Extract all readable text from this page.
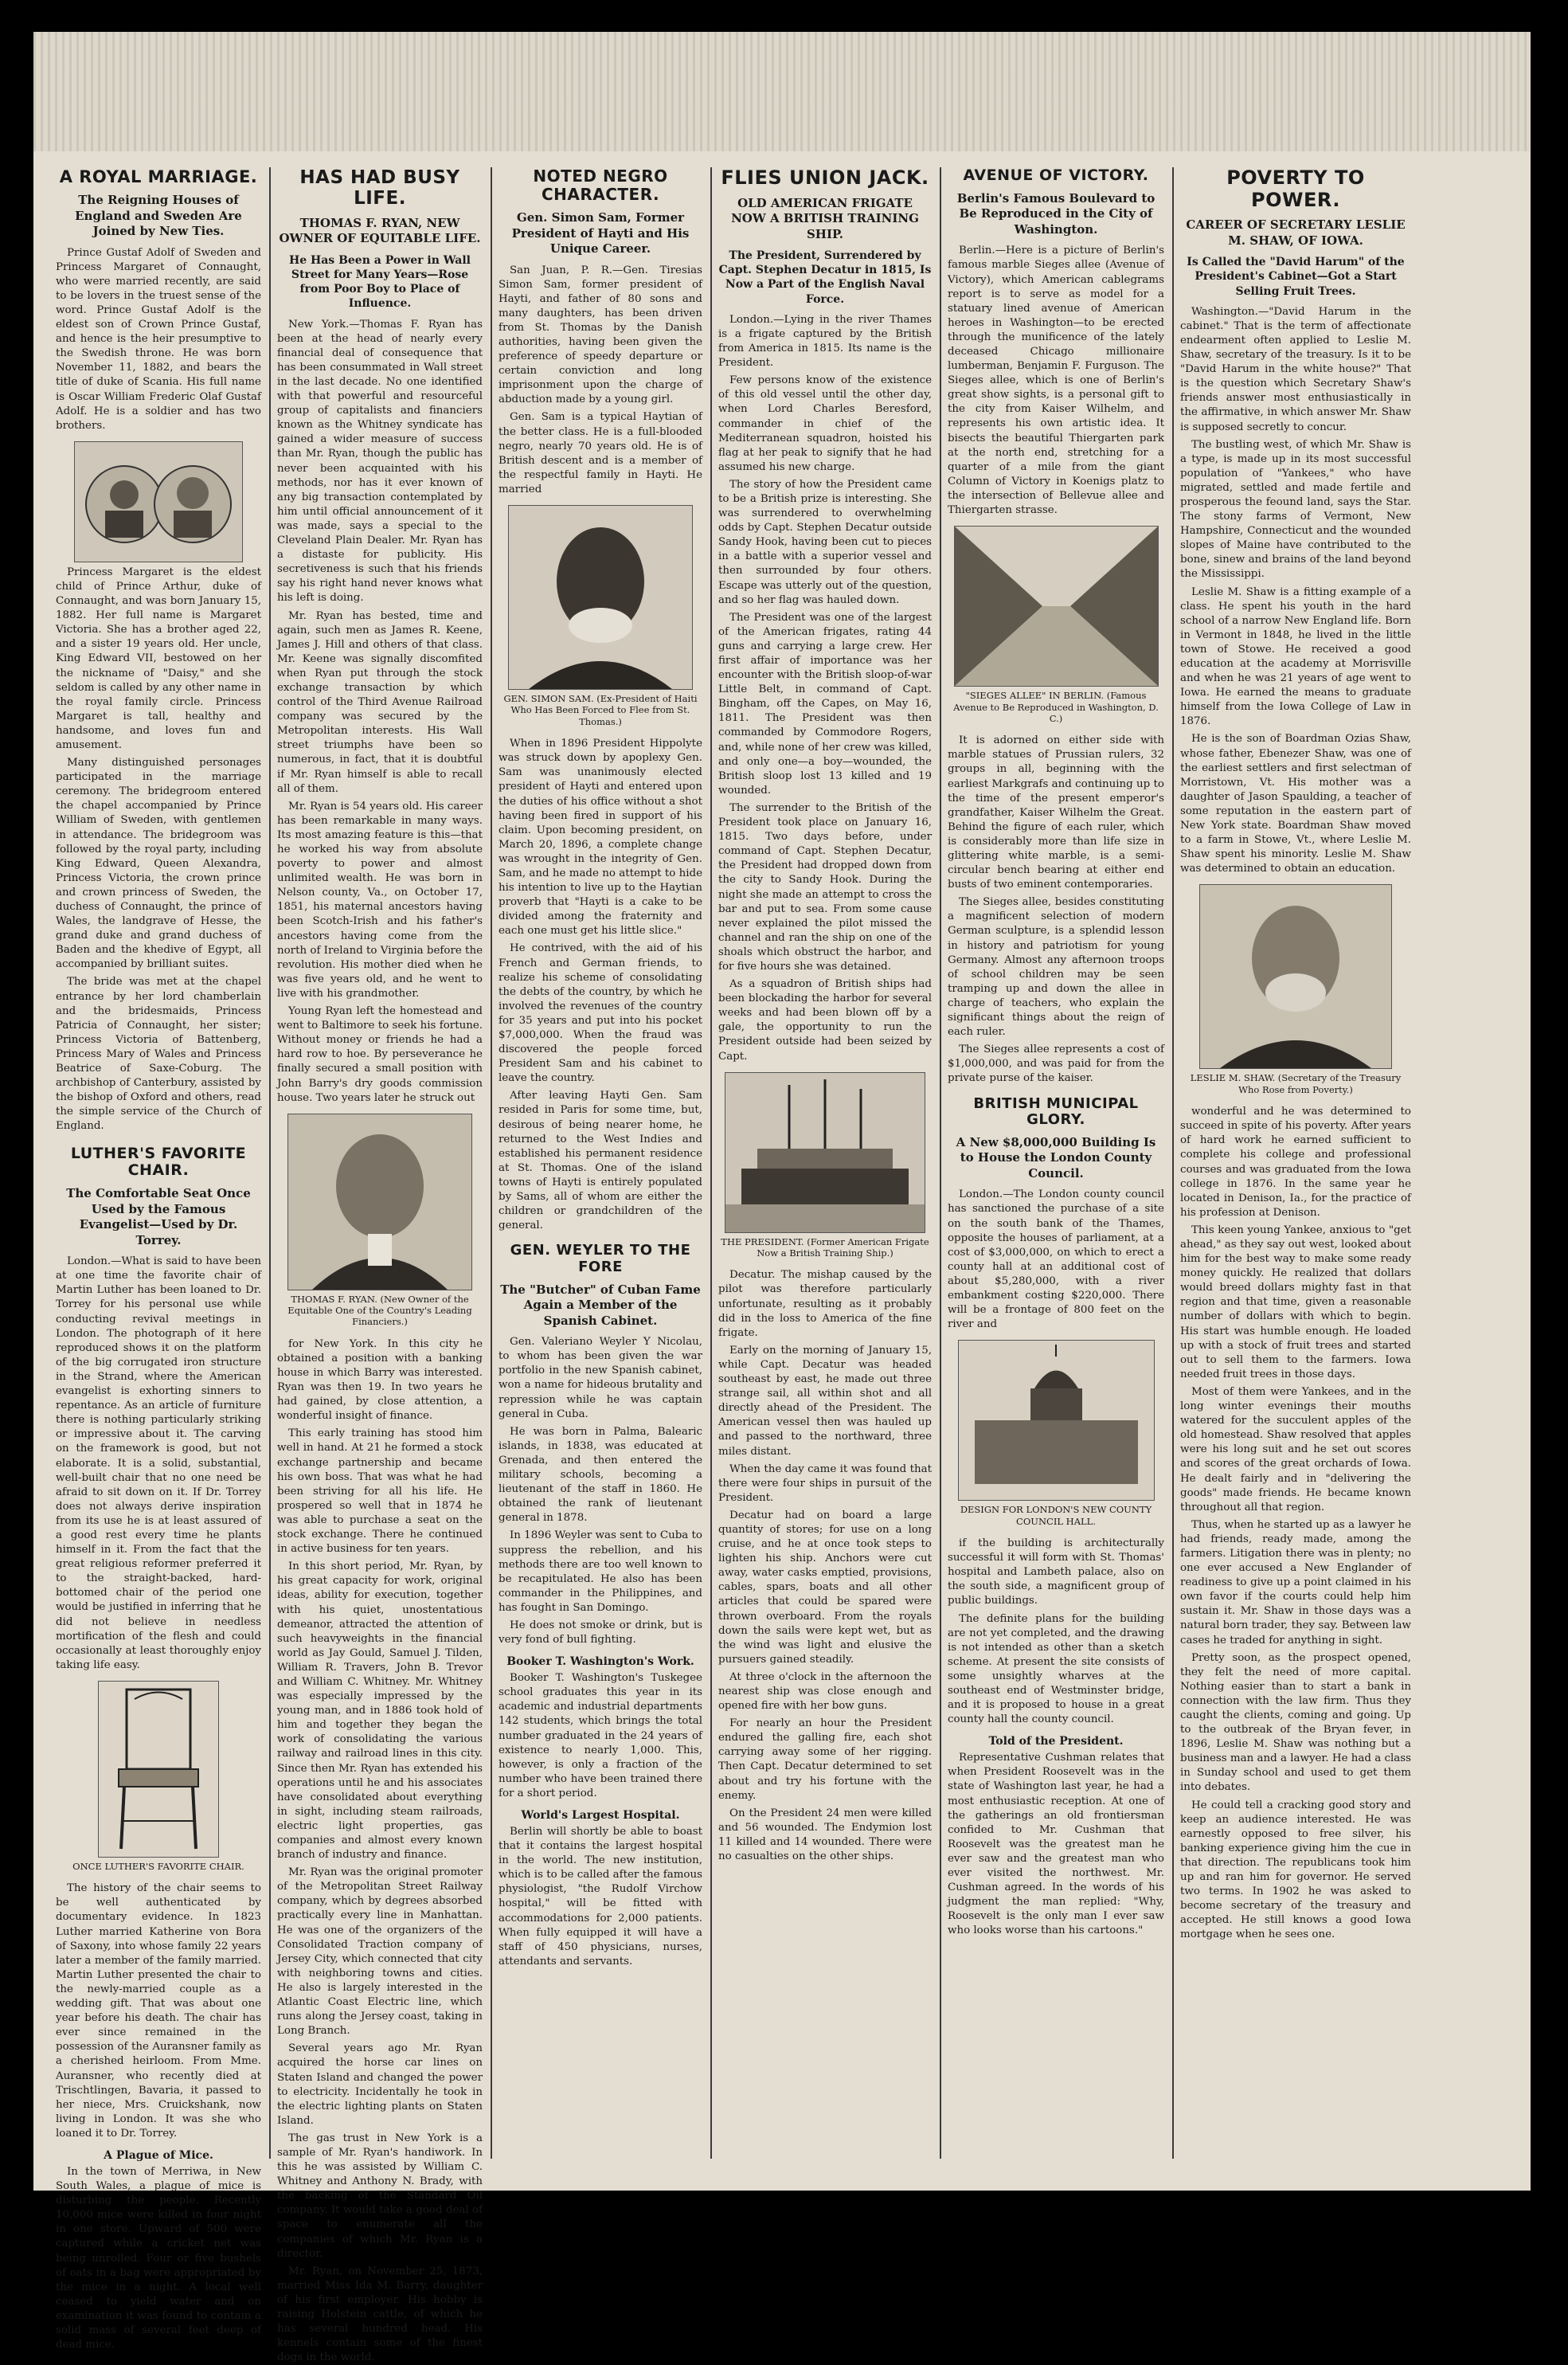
A ROYAL MARRIAGE.
The Reigning Houses of England and Sweden Are Joined by New Ties.

Prince Gustaf Adolf of Sweden and Princess Margaret of Connaught, who were married recently, are said to be lovers in the truest sense of the word. Prince Gustaf Adolf is the eldest son of Crown Prince Gustaf, and hence is the heir presumptive to the Swedish throne. He was born November 11, 1882, and bears the title of duke of Scania. His full name is Oscar William Frederic Olaf Gustaf Adolf. He is a soldier and has two brothers.

Princess Margaret is the eldest child of Prince Arthur, duke of Connaught, and was born January 15, 1882. Her full name is Margaret Victoria. She has a brother aged 22, and a sister 19 years old. Her uncle, King Edward VII, bestowed on her the nickname of "Daisy," and she seldom is called by any other name in the royal family circle. Princess Margaret is tall, healthy and handsome, and loves fun and amusement.

Many distinguished personages participated in the marriage ceremony. The bridegroom entered the chapel accompanied by Prince William of Sweden, with gentlemen in attendance. The bridegroom was followed by the royal party, including King Edward, Queen Alexandra, Princess Victoria, the crown prince and crown princess of Sweden, the duchess of Connaught, the prince of Wales, the landgrave of Hesse, the grand duke and grand duchess of Baden and the khedive of Egypt, all accompanied by brilliant suites.

The bride was met at the chapel entrance by her lord chamberlain and the bridesmaids, Princess Patricia of Connaught, her sister; Princess Victoria of Battenberg, Princess Mary of Wales and Princess Beatrice of Saxe-Coburg. The archbishop of Canterbury, assisted by the bishop of Oxford and others, read the simple service of the Church of England.

LUTHER'S FAVORITE CHAIR.
The Comfortable Seat Once Used by the Famous Evangelist—Used by Dr. Torrey.

London.—What is said to have been at one time the favorite chair of Martin Luther has been loaned to Dr. Torrey for his personal use while conducting revival meetings in London. The photograph of it here reproduced shows it on the platform of the big corrugated iron structure in the Strand, where the American evangelist is exhorting sinners to repentance. As an article of furniture there is nothing particularly striking or impressive about it. The carving on the framework is good, but not elaborate. It is a solid, substantial, well-built chair that no one need be afraid to sit down on it. If Dr. Torrey does not always derive inspiration from its use he is at least assured of a good rest every time he plants himself in it. From the fact that the great religious reformer preferred it to the straight-backed, hard-bottomed chair of the period one would be justified in inferring that he did not believe in needless mortification of the flesh and could occasionally at least thoroughly enjoy taking life easy.

ONCE LUTHER'S FAVORITE CHAIR.

The history of the chair seems to be well authenticated by documentary evidence. In 1823 Luther married Katherine von Bora of Saxony, into whose family 22 years later a member of the family married. Martin Luther presented the chair to the newly-married couple as a wedding gift. That was about one year before his death. The chair has ever since remained in the possession of the Auransner family as a cherished heirloom. From Mme. Auransner, who recently died at Trischtlingen, Bavaria, it passed to her niece, Mrs. Cruickshank, now living in London. It was she who loaned it to Dr. Torrey.

A Plague of Mice.

In the town of Merriwa, in New South Wales, a plague of mice is disturbing the people. Recently 10,000 mice were killed in four night in one store. Upward of 500 were captured while a cricket net was being unrolled. Four or five bushels of oats in a bag were appropriated by the mice in a night. A local well ceased to yield water and on examination it was found to contain a solid mass of several feet deep of dead mice.

HAS HAD BUSY LIFE.
THOMAS F. RYAN, NEW OWNER OF EQUITABLE LIFE.
He Has Been a Power in Wall Street for Many Years—Rose from Poor Boy to Place of Influence.

New York.—Thomas F. Ryan has been at the head of nearly every financial deal of consequence that has been consummated in Wall street in the last decade. No one identified with that powerful and resourceful group of capitalists and financiers known as the Whitney syndicate has gained a wider measure of success than Mr. Ryan, though the public has never been acquainted with his methods, nor has it ever known of any big transaction contemplated by him until official announcement of it was made, says a special to the Cleveland Plain Dealer. Mr. Ryan has a distaste for publicity. His secretiveness is such that his friends say his right hand never knows what his left is doing.

Mr. Ryan has bested, time and again, such men as James R. Keene, James J. Hill and others of that class. Mr. Keene was signally discomfited when Ryan put through the stock exchange transaction by which control of the Third Avenue Railroad company was secured by the Metropolitan interests. His Wall street triumphs have been so numerous, in fact, that it is doubtful if Mr. Ryan himself is able to recall all of them.

Mr. Ryan is 54 years old. His career has been remarkable in many ways. Its most amazing feature is this—that he worked his way from absolute poverty to power and almost unlimited wealth. He was born in Nelson county, Va., on October 17, 1851, his maternal ancestors having been Scotch-Irish and his father's ancestors having come from the north of Ireland to Virginia before the revolution. His mother died when he was five years old, and he went to live with his grandmother.

Young Ryan left the homestead and went to Baltimore to seek his fortune. Without money or friends he had a hard row to hoe. By perseverance he finally secured a small position with John Barry's dry goods commission house. Two years later he struck out

THOMAS F. RYAN. (New Owner of the Equitable One of the Country's Leading Financiers.)

for New York. In this city he obtained a position with a banking house in which Barry was interested. Ryan was then 19. In two years he had gained, by close attention, a wonderful insight of finance.

This early training has stood him well in hand. At 21 he formed a stock exchange partnership and became his own boss. That was what he had been striving for all his life. He prospered so well that in 1874 he was able to purchase a seat on the stock exchange. There he continued in active business for ten years.

In this short period, Mr. Ryan, by his great capacity for work, original ideas, ability for execution, together with his quiet, unostentatious demeanor, attracted the attention of such heavyweights in the financial world as Jay Gould, Samuel J. Tilden, William R. Travers, John B. Trevor and William C. Whitney. Mr. Whitney was especially impressed by the young man, and in 1886 took hold of him and together they began the work of consolidating the various railway and railroad lines in this city. Since then Mr. Ryan has extended his operations until he and his associates have consolidated about everything in sight, including steam railroads, electric light properties, gas companies and almost every known branch of industry and finance.

Mr. Ryan was the original promoter of the Metropolitan Street Railway company, which by degrees absorbed practically every line in Manhattan. He was one of the organizers of the Consolidated Traction company of Jersey City, which connected that city with neighboring towns and cities. He also is largely interested in the Atlantic Coast Electric line, which runs along the Jersey coast, taking in Long Branch.

Several years ago Mr. Ryan acquired the horse car lines on Staten Island and changed the power to electricity. Incidentally he took in the electric lighting plants on Staten Island.

The gas trust in New York is a sample of Mr. Ryan's handiwork. In this he was assisted by William C. Whitney and Anthony N. Brady, with the backing of the Standard Oil company. It would take a good deal of space to enumerate all the companies of which Mr. Ryan is a director.

Mr. Ryan, on November 25, 1873, married Miss Ida M. Barry, daughter of his first employer. His hobby is raising Holstein cattle, of which he has several hundred head. His kennels contain some of the finest dogs in the world.

NOTED NEGRO CHARACTER.
Gen. Simon Sam, Former President of Hayti and His Unique Career.

San Juan, P. R.—Gen. Tiresias Simon Sam, former president of Hayti, and father of 80 sons and many daughters, has been driven from St. Thomas by the Danish authorities, having been given the preference of speedy departure or certain conviction and long imprisonment upon the charge of abduction made by a young girl.

Gen. Sam is a typical Haytian of the better class. He is a full-blooded negro, nearly 70 years old. He is of British descent and is a member of the respectful family in Hayti. He married

GEN. SIMON SAM. (Ex-President of Haiti Who Has Been Forced to Flee from St. Thomas.)

When in 1896 President Hippolyte was struck down by apoplexy Gen. Sam was unanimously elected president of Hayti and entered upon the duties of his office without a shot having been fired in support of his claim. Upon becoming president, on March 20, 1896, a complete change was wrought in the integrity of Gen. Sam, and he made no attempt to hide his intention to live up to the Haytian proverb that "Hayti is a cake to be divided among the fraternity and each one must get his little slice."

He contrived, with the aid of his French and German friends, to realize his scheme of consolidating the debts of the country, by which he involved the revenues of the country for 35 years and put into his pocket $7,000,000. When the fraud was discovered the people forced President Sam and his cabinet to leave the country.

After leaving Hayti Gen. Sam resided in Paris for some time, but, desirous of being nearer home, he returned to the West Indies and established his permanent residence at St. Thomas. One of the island towns of Hayti is entirely populated by Sams, all of whom are either the children or grandchildren of the general.

GEN. WEYLER TO THE FORE
The "Butcher" of Cuban Fame Again a Member of the Spanish Cabinet.

Gen. Valeriano Weyler Y Nicolau, to whom has been given the war portfolio in the new Spanish cabinet, won a name for hideous brutality and repression while he was captain general in Cuba.

He was born in Palma, Balearic islands, in 1838, was educated at Grenada, and then entered the military schools, becoming a lieutenant of the staff in 1860. He obtained the rank of lieutenant general in 1878.

In 1896 Weyler was sent to Cuba to suppress the rebellion, and his methods there are too well known to be recapitulated. He also has been commander in the Philippines, and has fought in San Domingo.

He does not smoke or drink, but is very fond of bull fighting.

Booker T. Washington's Work.

Booker T. Washington's Tuskegee school graduates this year in its academic and industrial departments 142 students, which brings the total number graduated in the 24 years of existence to nearly 1,000. This, however, is only a fraction of the number who have been trained there for a short period.

World's Largest Hospital.

Berlin will shortly be able to boast that it contains the largest hospital in the world. The new institution, which is to be called after the famous physiologist, "the Rudolf Virchow hospital," will be fitted with accommodations for 2,000 patients. When fully equipped it will have a staff of 450 physicians, nurses, attendants and servants.

FLIES UNION JACK.
OLD AMERICAN FRIGATE NOW A BRITISH TRAINING SHIP.
The President, Surrendered by Capt. Stephen Decatur in 1815, Is Now a Part of the English Naval Force.

London.—Lying in the river Thames is a frigate captured by the British from America in 1815. Its name is the President.

Few persons know of the existence of this old vessel until the other day, when Lord Charles Beresford, commander in chief of the Mediterranean squadron, hoisted his flag at her peak to signify that he had assumed his new charge.

The story of how the President came to be a British prize is interesting. She was surrendered to overwhelming odds by Capt. Stephen Decatur outside Sandy Hook, having been cut to pieces in a battle with a superior vessel and then surrounded by four others. Escape was utterly out of the question, and so her flag was hauled down.

The President was one of the largest of the American frigates, rating 44 guns and carrying a large crew. Her first affair of importance was her encounter with the British sloop-of-war Little Belt, in command of Capt. Bingham, off the Capes, on May 16, 1811. The President was then commanded by Commodore Rogers, and, while none of her crew was killed, and only one—a boy—wounded, the British sloop lost 13 killed and 19 wounded.

The surrender to the British of the President took place on January 16, 1815. Two days before, under command of Capt. Stephen Decatur, the President had dropped down from the city to Sandy Hook. During the night she made an attempt to cross the bar and put to sea. From some cause never explained the pilot missed the channel and ran the ship on one of the shoals which obstruct the harbor, and for five hours she was detained.

As a squadron of British ships had been blockading the harbor for several weeks and had been blown off by a gale, the opportunity to run the President outside had been seized by Capt.

THE PRESIDENT. (Former American Frigate Now a British Training Ship.)

Decatur. The mishap caused by the pilot was therefore particularly unfortunate, resulting as it probably did in the loss to America of the fine frigate.

Early on the morning of January 15, while Capt. Decatur was headed southeast by east, he made out three strange sail, all within shot and all directly ahead of the President. The American vessel then was hauled up and passed to the northward, three miles distant.

When the day came it was found that there were four ships in pursuit of the President.

Decatur had on board a large quantity of stores; for use on a long cruise, and he at once took steps to lighten his ship. Anchors were cut away, water casks emptied, provisions, cables, spars, boats and all other articles that could be spared were thrown overboard. From the royals down the sails were kept wet, but as the wind was light and elusive the pursuers gained steadily.

At three o'clock in the afternoon the nearest ship was close enough and opened fire with her bow guns.

For nearly an hour the President endured the galling fire, each shot carrying away some of her rigging. Then Capt. Decatur determined to set about and try his fortune with the enemy.

On the President 24 men were killed and 56 wounded. The Endymion lost 11 killed and 14 wounded. There were no casualties on the other ships.

AVENUE OF VICTORY.
Berlin's Famous Boulevard to Be Reproduced in the City of Washington.

Berlin.—Here is a picture of Berlin's famous marble Sieges allee (Avenue of Victory), which American cablegrams report is to serve as model for a statuary lined avenue of American heroes in Washington—to be erected through the munificence of the lately deceased Chicago millionaire lumberman, Benjamin F. Furguson. The Sieges allee, which is one of Berlin's great show sights, is a personal gift to the city from Kaiser Wilhelm, and represents his own artistic idea. It bisects the beautiful Thiergarten park at the north end, stretching for a quarter of a mile from the giant Column of Victory in Koenigs platz to the intersection of Bellevue allee and Thiergarten strasse.

"SIEGES ALLEE" IN BERLIN. (Famous Avenue to Be Reproduced in Washington, D. C.)

It is adorned on either side with marble statues of Prussian rulers, 32 groups in all, beginning with the earliest Markgrafs and continuing up to the time of the present emperor's grandfather, Kaiser Wilhelm the Great. Behind the figure of each ruler, which is considerably more than life size in glittering white marble, is a semi-circular bench bearing at either end busts of two eminent contemporaries.

The Sieges allee, besides constituting a magnificent selection of modern German sculpture, is a splendid lesson in history and patriotism for young Germany. Almost any afternoon troops of school children may be seen tramping up and down the allee in charge of teachers, who explain the significant things about the reign of each ruler.

The Sieges allee represents a cost of $1,000,000, and was paid for from the private purse of the kaiser.

BRITISH MUNICIPAL GLORY.
A New $8,000,000 Building Is to House the London County Council.

London.—The London county council has sanctioned the purchase of a site on the south bank of the Thames, opposite the houses of parliament, at a cost of $3,000,000, on which to erect a county hall at an additional cost of about $5,280,000, with a river embankment costing $220,000. There will be a frontage of 800 feet on the river and

DESIGN FOR LONDON'S NEW COUNTY COUNCIL HALL.

if the building is architecturally successful it will form with St. Thomas' hospital and Lambeth palace, also on the south side, a magnificent group of public buildings.

The definite plans for the building are not yet completed, and the drawing is not intended as other than a sketch scheme. At present the site consists of some unsightly wharves at the southeast end of Westminster bridge, and it is proposed to house in a great county hall the county council.

Told of the President.

Representative Cushman relates that when President Roosevelt was in the state of Washington last year, he had a most enthusiastic reception. At one of the gatherings an old frontiersman confided to Mr. Cushman that Roosevelt was the greatest man he ever saw and the greatest man who ever visited the northwest. Mr. Cushman agreed. In the words of his judgment the man replied: "Why, Roosevelt is the only man I ever saw who looks worse than his cartoons."

POVERTY TO POWER.
CAREER OF SECRETARY LESLIE M. SHAW, OF IOWA.
Is Called the "David Harum" of the President's Cabinet—Got a Start Selling Fruit Trees.

Washington.—"David Harum in the cabinet." That is the term of affectionate endearment often applied to Leslie M. Shaw, secretary of the treasury. Is it to be "David Harum in the white house?" That is the question which Secretary Shaw's friends answer most enthusiastically in the affirmative, in which answer Mr. Shaw is supposed secretly to concur.

The bustling west, of which Mr. Shaw is a type, is made up in its most successful population of "Yankees," who have migrated, settled and made fertile and prosperous the feound land, says the Star. The stony farms of Vermont, New Hampshire, Connecticut and the wounded slopes of Maine have contributed to the bone, sinew and brains of the land beyond the Mississippi.

Leslie M. Shaw is a fitting example of a class. He spent his youth in the hard school of a narrow New England life. Born in Vermont in 1848, he lived in the little town of Stowe. He received a good education at the academy at Morrisville and when he was 21 years of age went to Iowa. He earned the means to graduate himself from the Iowa College of Law in 1876.

He is the son of Boardman Ozias Shaw, whose father, Ebenezer Shaw, was one of the earliest settlers and first selectman of Morristown, Vt. His mother was a daughter of Jason Spaulding, a teacher of some reputation in the eastern part of New York state. Boardman Shaw moved to a farm in Stowe, Vt., where Leslie M. Shaw spent his minority. Leslie M. Shaw was determined to obtain an education.

LESLIE M. SHAW. (Secretary of the Treasury Who Rose from Poverty.)

wonderful and he was determined to succeed in spite of his poverty. After years of hard work he earned sufficient to complete his college and professional courses and was graduated from the Iowa college in 1876. In the same year he located in Denison, Ia., for the practice of his profession at Denison.

This keen young Yankee, anxious to "get ahead," as they say out west, looked about him for the best way to make some ready money quickly. He realized that dollars would breed dollars mighty fast in that region and that time, given a reasonable number of dollars with which to begin. His start was humble enough. He loaded up with a stock of fruit trees and started out to sell them to the farmers. Iowa needed fruit trees in those days.

Most of them were Yankees, and in the long winter evenings their mouths watered for the succulent apples of the old homestead. Shaw resolved that apples were his long suit and he set out scores and scores of the great orchards of Iowa. He dealt fairly and in "delivering the goods" made friends. He became known throughout all that region.

Thus, when he started up as a lawyer he had friends, ready made, among the farmers. Litigation there was in plenty; no one ever accused a New Englander of readiness to give up a point claimed in his own favor if the courts could help him sustain it. Mr. Shaw in those days was a natural born trader, they say. Between law cases he traded for anything in sight.

Pretty soon, as the prospect opened, they felt the need of more capital. Nothing easier than to start a bank in connection with the law firm. Thus they caught the clients, coming and going. Up to the outbreak of the Bryan fever, in 1896, Leslie M. Shaw was nothing but a business man and a lawyer. He had a class in Sunday school and used to get them into debates.

He could tell a cracking good story and keep an audience interested. He was earnestly opposed to free silver, his banking experience giving him the cue in that direction. The republicans took him up and ran him for governor. He served two terms. In 1902 he was asked to become secretary of the treasury and accepted. He still knows a good Iowa mortgage when he sees one.
